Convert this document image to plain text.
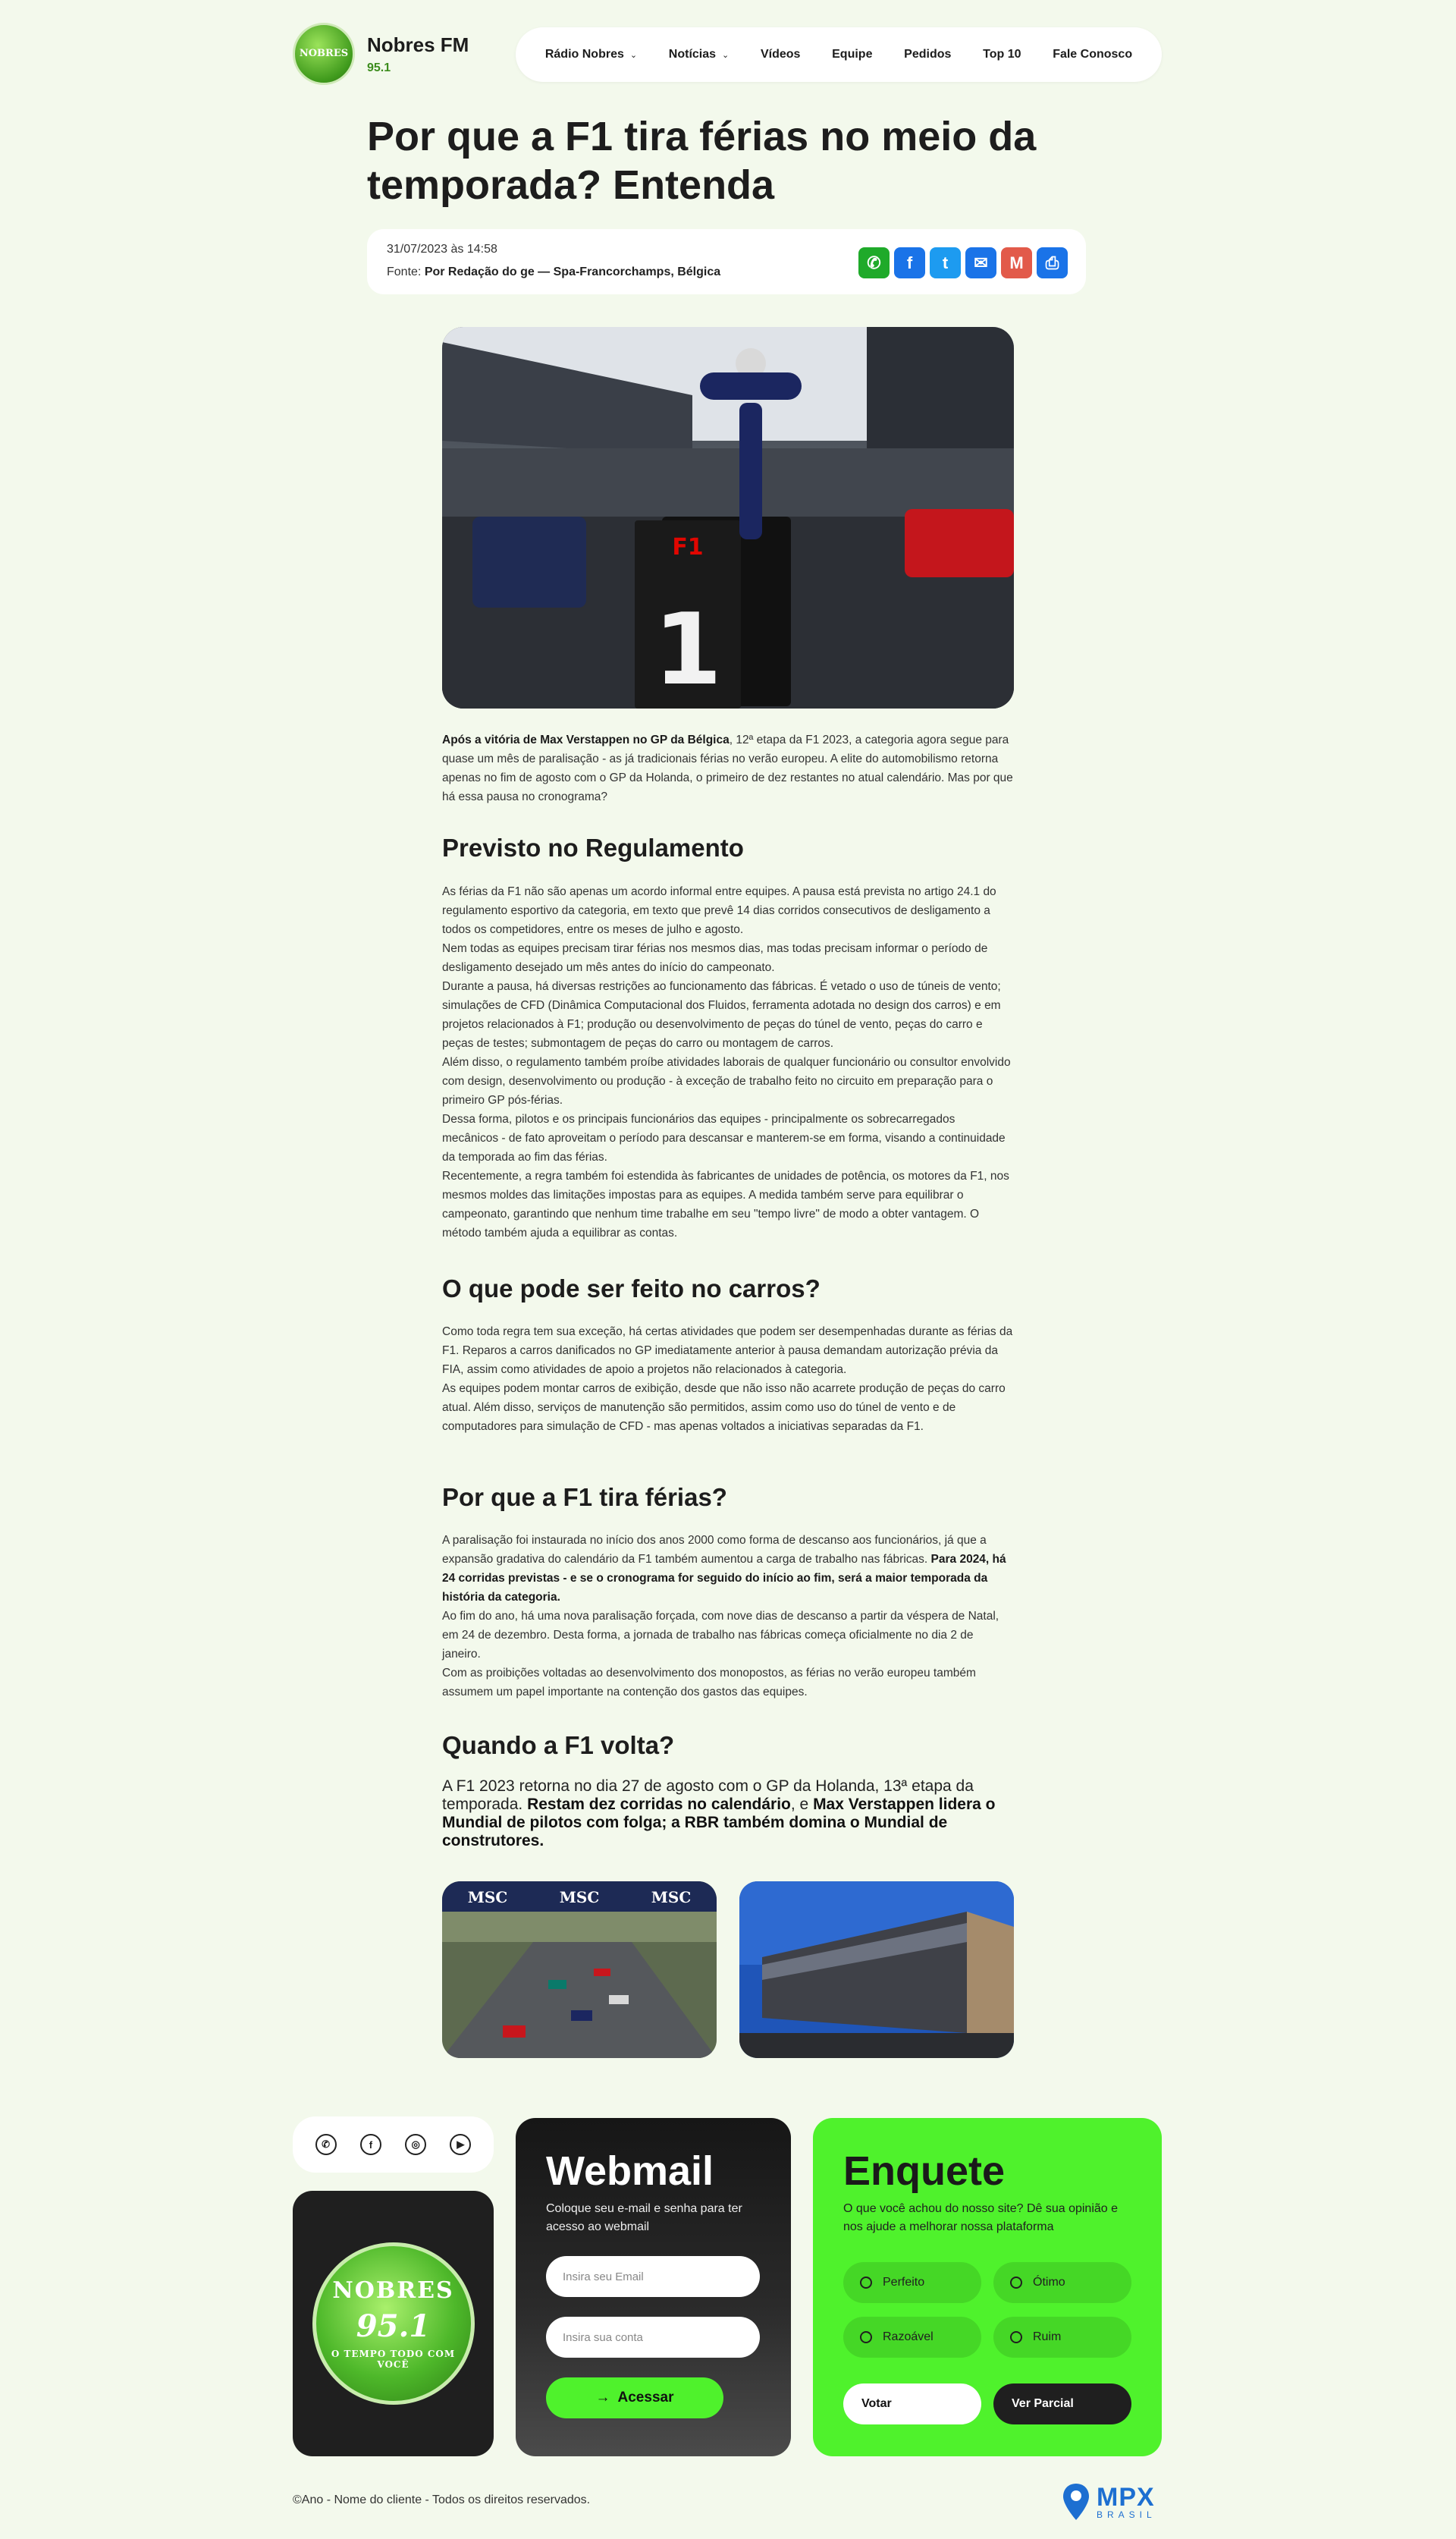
NOBRES Nobres FM
95.1
Rádio Nobres ⌄	Notícias ⌄	Vídeos	Equipe	Pedidos	Top 10	Fale Conosco
Por que a F1 tira férias no meio da temporada? Entenda
31/07/2023 às 14:58
Fonte: Por Redação do ge — Spa-Francorchamps, Bélgica	✆	f	t	✉	M	⎙
1
F1

Após a vitória de Max Verstappen no GP da Bélgica, 12ª etapa da F1 2023, a categoria agora segue para quase um mês de paralisação - as já tradicionais férias no verão europeu. A elite do automobilismo retorna apenas no fim de agosto com o GP da Holanda, o primeiro de dez restantes no atual calendário. Mas por que há essa pausa no cronograma?

Previsto no Regulamento

As férias da F1 não são apenas um acordo informal entre equipes. A pausa está prevista no artigo 24.1 do regulamento esportivo da categoria, em texto que prevê 14 dias corridos consecutivos de desligamento a todos os competidores, entre os meses de julho e agosto.

Nem todas as equipes precisam tirar férias nos mesmos dias, mas todas precisam informar o período de desligamento desejado um mês antes do início do campeonato.

Durante a pausa, há diversas restrições ao funcionamento das fábricas. É vetado o uso de túneis de vento; simulações de CFD (Dinâmica Computacional dos Fluidos, ferramenta adotada no design dos carros) e em projetos relacionados à F1; produção ou desenvolvimento de peças do túnel de vento, peças do carro e peças de testes; submontagem de peças do carro ou montagem de carros.

Além disso, o regulamento também proíbe atividades laborais de qualquer funcionário ou consultor envolvido com design, desenvolvimento ou produção - à exceção de trabalho feito no circuito em preparação para o primeiro GP pós-férias.

Dessa forma, pilotos e os principais funcionários das equipes - principalmente os sobrecarregados mecânicos - de fato aproveitam o período para descansar e manterem-se em forma, visando a continuidade da temporada ao fim das férias.

Recentemente, a regra também foi estendida às fabricantes de unidades de potência, os motores da F1, nos mesmos moldes das limitações impostas para as equipes. A medida também serve para equilibrar o campeonato, garantindo que nenhum time trabalhe em seu "tempo livre" de modo a obter vantagem. O método também ajuda a equilibrar as contas.

O que pode ser feito no carros?

Como toda regra tem sua exceção, há certas atividades que podem ser desempenhadas durante as férias da F1. Reparos a carros danificados no GP imediatamente anterior à pausa demandam autorização prévia da FIA, assim como atividades de apoio a projetos não relacionados à categoria.

As equipes podem montar carros de exibição, desde que não isso não acarrete produção de peças do carro atual. Além disso, serviços de manutenção são permitidos, assim como uso do túnel de vento e de computadores para simulação de CFD - mas apenas voltados a iniciativas separadas da F1.

Por que a F1 tira férias?

A paralisação foi instaurada no início dos anos 2000 como forma de descanso aos funcionários, já que a expansão gradativa do calendário da F1 também aumentou a carga de trabalho nas fábricas. Para 2024, há 24 corridas previstas - e se o cronograma for seguido do início ao fim, será a maior temporada da história da categoria.

Ao fim do ano, há uma nova paralisação forçada, com nove dias de descanso a partir da véspera de Natal, em 24 de dezembro. Desta forma, a jornada de trabalho nas fábricas começa oficialmente no dia 2 de janeiro.

Com as proibições voltadas ao desenvolvimento dos monopostos, as férias no verão europeu também assumem um papel importante na contenção dos gastos das equipes.

Quando a F1 volta?

A F1 2023 retorna no dia 27 de agosto com o GP da Holanda, 13ª etapa da temporada. Restam dez corridas no calendário, e Max Verstappen lidera o Mundial de pilotos com folga; a RBR também domina o Mundial de construtores.

MSC	MSC	MSC
✆	f	◎	▶
NOBRES
95.1
O TEMPO TODO COM VOCÊ
Webmail

Coloque seu e-mail e senha para ter acesso ao webmail

Insira seu Email
Insira sua conta
→ Acessar
Enquete

O que você achou do nosso site? Dê sua opinião e nos ajude a melhorar nossa plataforma

Perfeito	Ótimo
Razoável	Ruim
Votar	Ver Parcial
©Ano - Nome do cliente - Todos os direitos reservados.	MPX
BRASIL
